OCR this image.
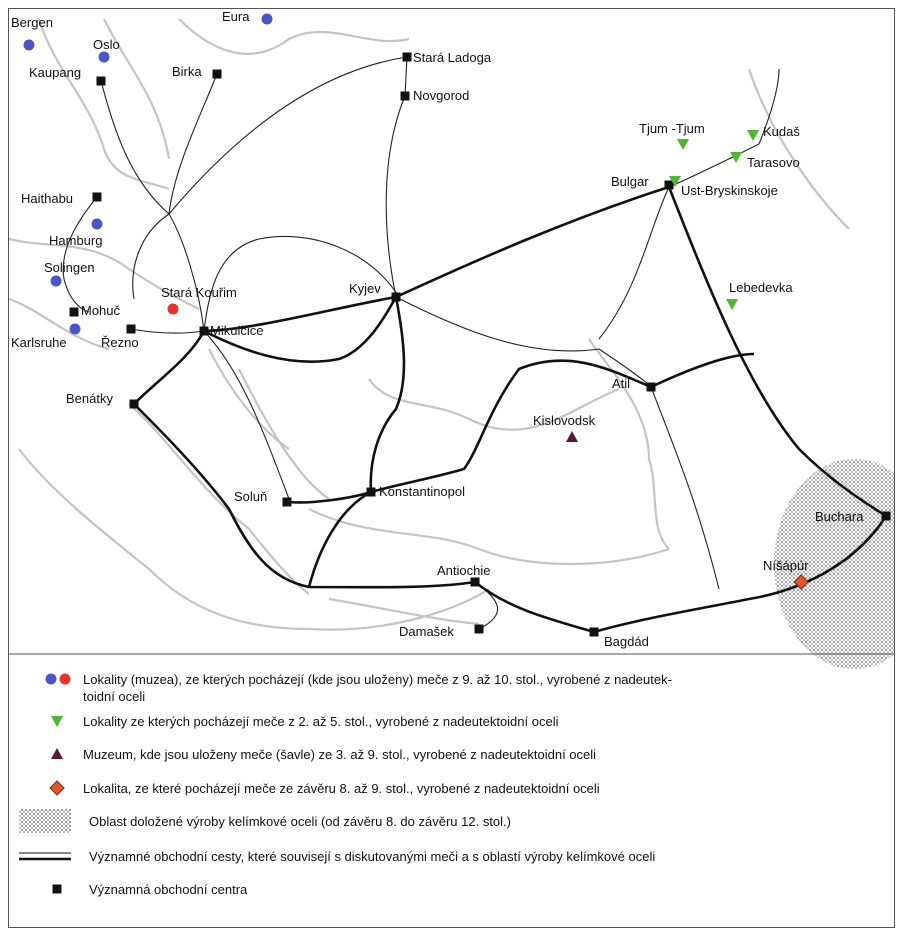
Bergen	Eura
Oslo
Kaupang	Birka
Stará Ladoga
Novgorod
Haithabu
Hamburg
Solingen
Mohuč
Karlsruhe	Řezno
Stará Kouřim
Mikulčice
Kyjev
Tjum -Tjum	Kudaš
Tarasovo
Bulgar
Ust-Bryskinskoje
Lebedevka
Atil
Benátky
Kislovodsk
Soluň	Konstantinopol
Buchara
Níšápúr
Antiochie
Damašek
Bagdád
Lokality (muzea), ze kterých pocházejí (kde jsou uloženy) meče z 9. až 10. stol., vyrobené z nadeutek-
toidní oceli
Lokality ze kterých pocházejí meče z 2. až 5. stol., vyrobené z nadeutektoidní oceli
Muzeum, kde jsou uloženy meče (šavle) ze 3. až 9. stol., vyrobené z nadeutektoidní oceli
Lokalita, ze které pocházejí meče ze závěru 8. až 9. stol., vyrobené z nadeutektoidní oceli
Oblast doložené výroby kelímkové oceli (od závěru 8. do závěru 12. stol.)
Významné obchodní cesty, které souvisejí s diskutovanými meči a s oblastí výroby kelímkové oceli
Významná obchodní centra
